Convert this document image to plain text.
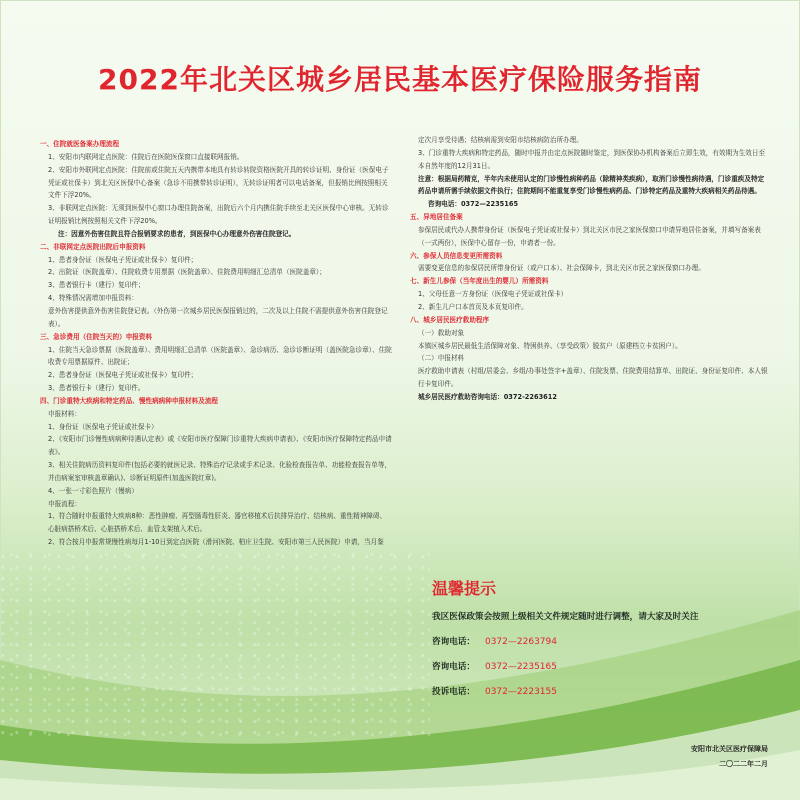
2022年北关区城乡居民基本医疗保险服务指南

一、住院就医备案办理流程

1、安阳市内联网定点医院：住院后在医院医保窗口直接联网报销。

2、安阳市外联网定点医院：住院前或住院五天内携带本地具有转诊转院资格医院开具的转诊证明、身份证（医保电子凭证或社保卡）到北关区医保中心备案（急诊不用携带转诊证明），无转诊证明者可以电话备案，但报销比例按照相关文件下浮20%。

3、非联网定点医院：无须到医保中心窗口办理住院备案，出院后六个月内携住院手续至北关区医保中心审核。无转诊证明报销比例按照相关文件下浮20%。

注：因意外伤害住院且符合报销要求的患者，到医保中心办理意外伤害住院登记。

二、非联网定点医院出院后申报资料

1、患者身份证（医保电子凭证或社保卡）复印件；

2、出院证（医院盖章）、住院收费专用票据（医院盖章）、住院费用明细汇总清单（医院盖章）；

3、患者银行卡（建行）复印件；

4、特殊情况需增加申报资料：

意外伤害提供意外伤害住院登记表。（外伤第一次城乡居民医保报销过的，二次及以上住院不需提供意外伤害住院登记表）。

三、急诊费用（住院当天的）申报资料

1、住院当天急诊票据（医院盖章）、费用明细汇总清单（医院盖章）、急诊病历、急诊诊断证明（盖医院急诊章）、住院收费专用票据原件、出院证；

2、患者身份证（医保电子凭证或社保卡）复印件；

3、患者银行卡（建行）复印件。

四、门诊重特大疾病和特定药品、慢性病病种申报材料及流程

申报材料：

1、身份证（医保电子凭证或社保卡）

2、《安阳市门诊慢性病病种待遇认定表》或《安阳市医疗保障门诊重特大疾病申请表》、《安阳市医疗保障特定药品申请表》。

3、相关住院病历资料复印件(包括必要的就医记录、特殊治疗记录或手术记录、化验检查报告单、功能检查报告单等，并由病案室审核盖章确认)、诊断证明原件(加盖医院红章)。

4、一张一寸彩色照片（慢病）

申报流程：

1、符合随时申报重特大疾病8种：恶性肿瘤、再型肠毒性肝炎、器官移植术后抗排异治疗、结核病、重性精神障碍、心脏病搭桥术后、心脏搭桥术后、血管支架植入术后。

2、符合按月申报常规慢性病每月1-10日到定点医院（滑河医院、柏庄卫生院、安阳市第三人民医院）申请，当月鉴

定次月享受待遇；结核病需到安阳市结核病防治所办理。

3、门诊重特大疾病和特定药品，随时申报并由定点医院随时鉴定，到医保协办机构备案后立即生效，有效期为生效日至本自然年度的12月31日。

注意：根据局药精克，半年内未使用认定的门诊慢性病种药品（除精神类疾病），取消门诊慢性病待遇，门诊重疾及特定药品申请所需手续依据文件执行；住院期间不能重复享受门诊慢性病药品、门诊特定药品及重特大疾病相关药品待遇。

咨询电话：0372—2235165

五、异地居住备案

参保居民或代办人携带身份证（医保电子凭证或社保卡）到北关区市民之家医保窗口申请异地居住备案，并填写备案表（一式两份），医保中心留存一份，申请者一份。

六、参保人员信息变更所需资料

需要变更信息的参保居民所带身份证（或户口本）、社会保障卡，到北关区市民之家医保窗口办理。

七、新生儿参保（当年度出生的婴儿）所需资料

1、父母任意一方身份证（医保电子凭证或社保卡）

2、新生儿户口本首页及本页复印件。

八、城乡居民医疗救助程序

（一）救助对象

本镇区城乡居民最低生活保障对象、特困供养、（享受政策）脱贫户（原建档立卡贫困户）。

（二）申报材料

医疗救助申请表（村组/居委会、乡组/办事处签字+盖章）、住院发票、住院费用结算单、出院证、身份证复印件、本人银行卡复印件。

城乡居民医疗救助咨询电话：0372-2263612

温馨提示

我区医保政策会按照上级相关文件规定随时进行调整，请大家及时关注

咨询电话： 0372—2263794

咨询电话： 0372—2235165

投诉电话： 0372—2223155

安阳市北关区医疗保障局
二〇二二年二月
